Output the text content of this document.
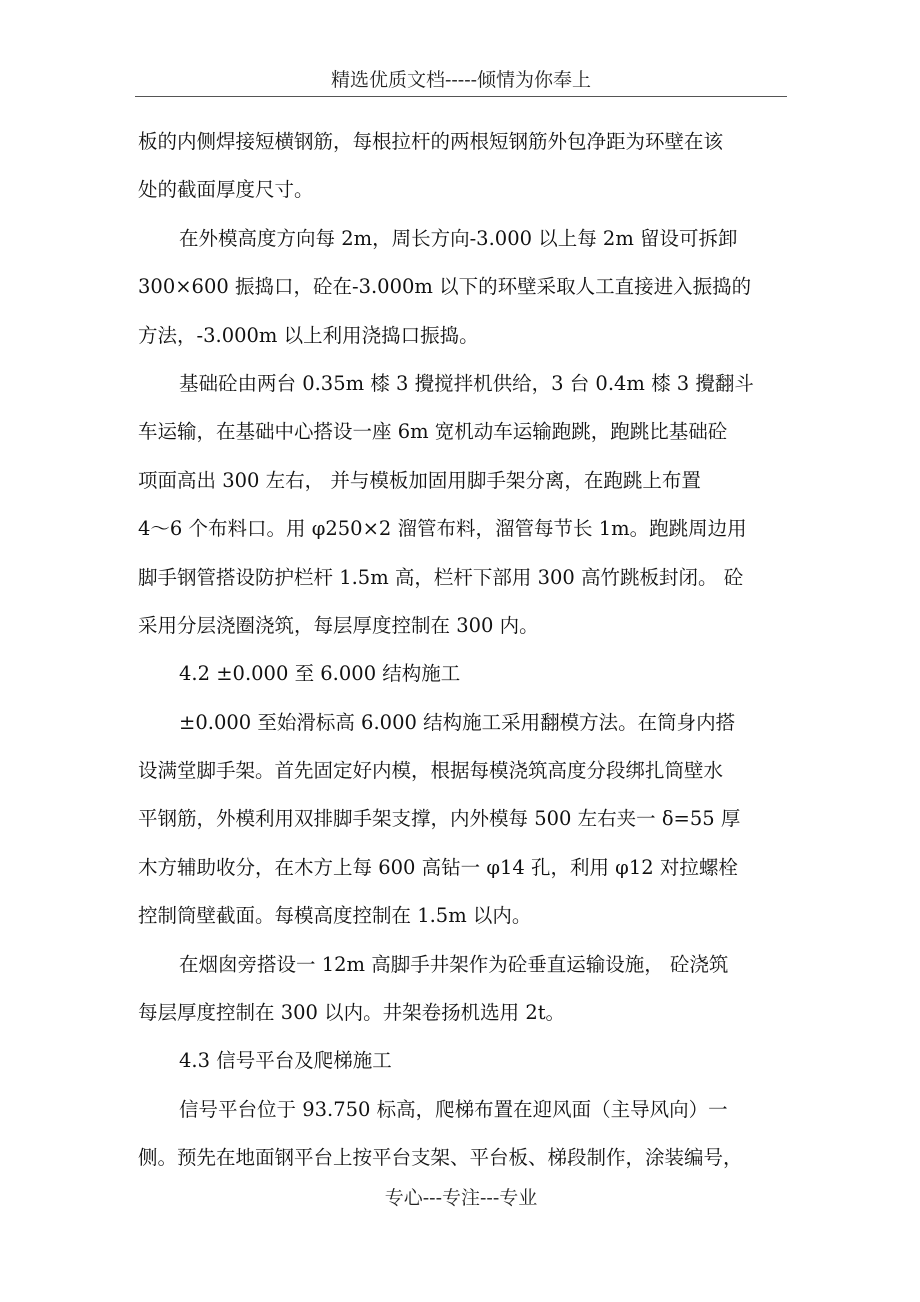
精选优质文档-----倾情为你奉上
板的内侧焊接短横钢筋，每根拉杆的两根短钢筋外包净距为环壁在该
处的截面厚度尺寸。
在外模高度方向每 2m，周长方向-3.000 以上每 2m 留设可拆卸
300×600 振捣口，砼在-3.000m 以下的环壁采取人工直接进入振捣的
方法，-3.000m 以上利用浇捣口振捣。
基础砼由两台 0.35m 㯃 3 攪搅拌机供给，3 台 0.4m 㯃 3 攪翻斗
车运输，在基础中心搭设一座 6m 宽机动车运输跑跳，跑跳比基础砼
项面高出 300 左右， 并与模板加固用脚手架分离，在跑跳上布置
4～6 个布料口。用 φ250×2 溜管布料，溜管每节长 1m。跑跳周边用
脚手钢管搭设防护栏杆 1.5m 高，栏杆下部用 300 高竹跳板封闭。 砼
采用分层浇圈浇筑，每层厚度控制在 300 内。
4.2 ±0.000 至 6.000 结构施工
±0.000 至始滑标高 6.000 结构施工采用翻模方法。在筒身内搭
设满堂脚手架。首先固定好内模，根据每模浇筑高度分段绑扎筒壁水
平钢筋，外模利用双排脚手架支撑，内外模每 500 左右夹一 δ=55 厚
木方辅助收分，在木方上每 600 高钻一 φ14 孔，利用 φ12 对拉螺栓
控制筒壁截面。每模高度控制在 1.5m 以内。
在烟囱旁搭设一 12m 高脚手井架作为砼垂直运输设施， 砼浇筑
每层厚度控制在 300 以内。井架卷扬机选用 2t。
4.3 信号平台及爬梯施工
信号平台位于 93.750 标高，爬梯布置在迎风面（主导风向）一
侧。预先在地面钢平台上按平台支架、平台板、梯段制作，涂装编号，
专心---专注---专业
